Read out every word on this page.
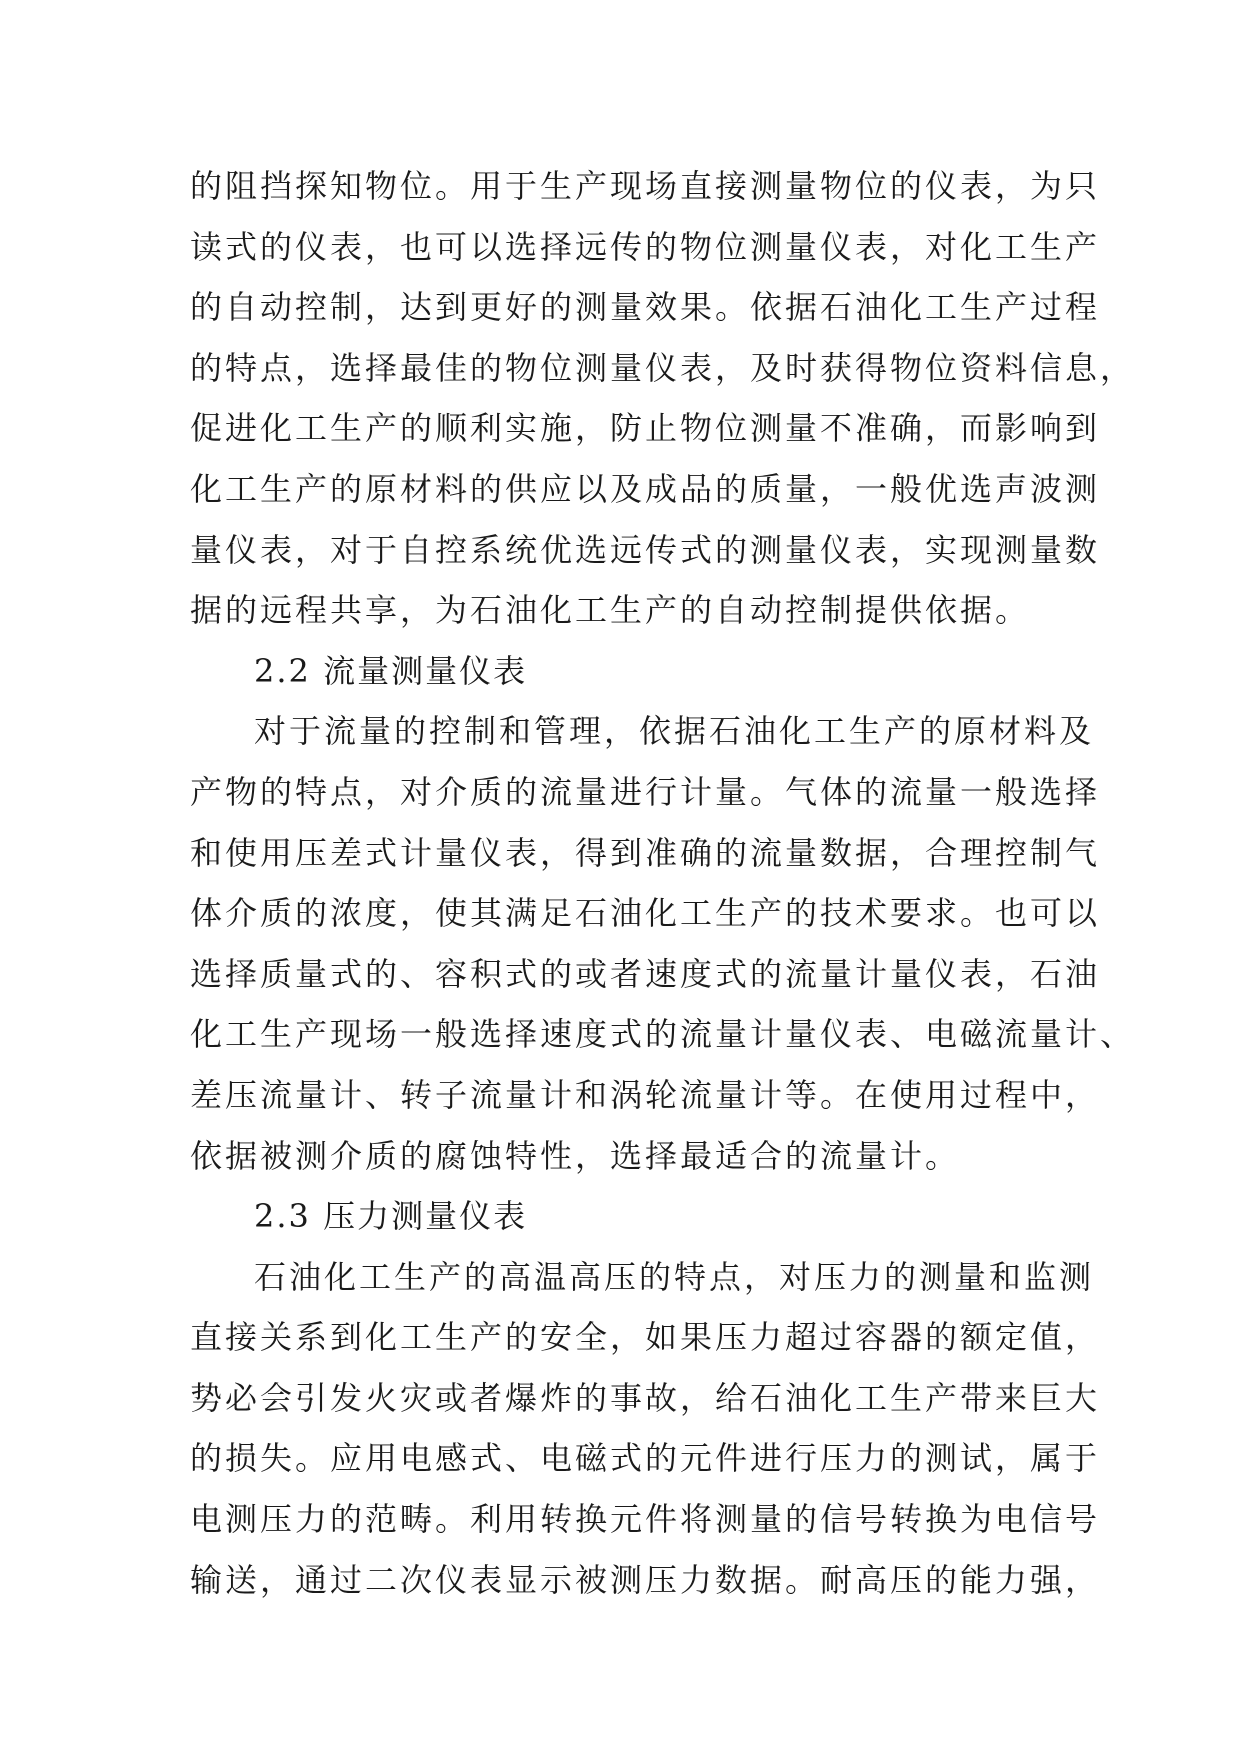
的阻挡探知物位。用于生产现场直接测量物位的仪表，为只
读式的仪表，也可以选择远传的物位测量仪表，对化工生产
的自动控制，达到更好的测量效果。依据石油化工生产过程
的特点，选择最佳的物位测量仪表，及时获得物位资料信息，
促进化工生产的顺利实施，防止物位测量不准确，而影响到
化工生产的原材料的供应以及成品的质量，一般优选声波测
量仪表，对于自控系统优选远传式的测量仪表，实现测量数
据的远程共享，为石油化工生产的自动控制提供依据。
2.2 流量测量仪表
对于流量的控制和管理，依据石油化工生产的原材料及
产物的特点，对介质的流量进行计量。气体的流量一般选择
和使用压差式计量仪表，得到准确的流量数据，合理控制气
体介质的浓度，使其满足石油化工生产的技术要求。也可以
选择质量式的、容积式的或者速度式的流量计量仪表，石油
化工生产现场一般选择速度式的流量计量仪表、电磁流量计、
差压流量计、转子流量计和涡轮流量计等。在使用过程中，
依据被测介质的腐蚀特性，选择最适合的流量计。
2.3 压力测量仪表
石油化工生产的高温高压的特点，对压力的测量和监测
直接关系到化工生产的安全，如果压力超过容器的额定值，
势必会引发火灾或者爆炸的事故，给石油化工生产带来巨大
的损失。应用电感式、电磁式的元件进行压力的测试，属于
电测压力的范畴。利用转换元件将测量的信号转换为电信号
输送，通过二次仪表显示被测压力数据。耐高压的能力强，
